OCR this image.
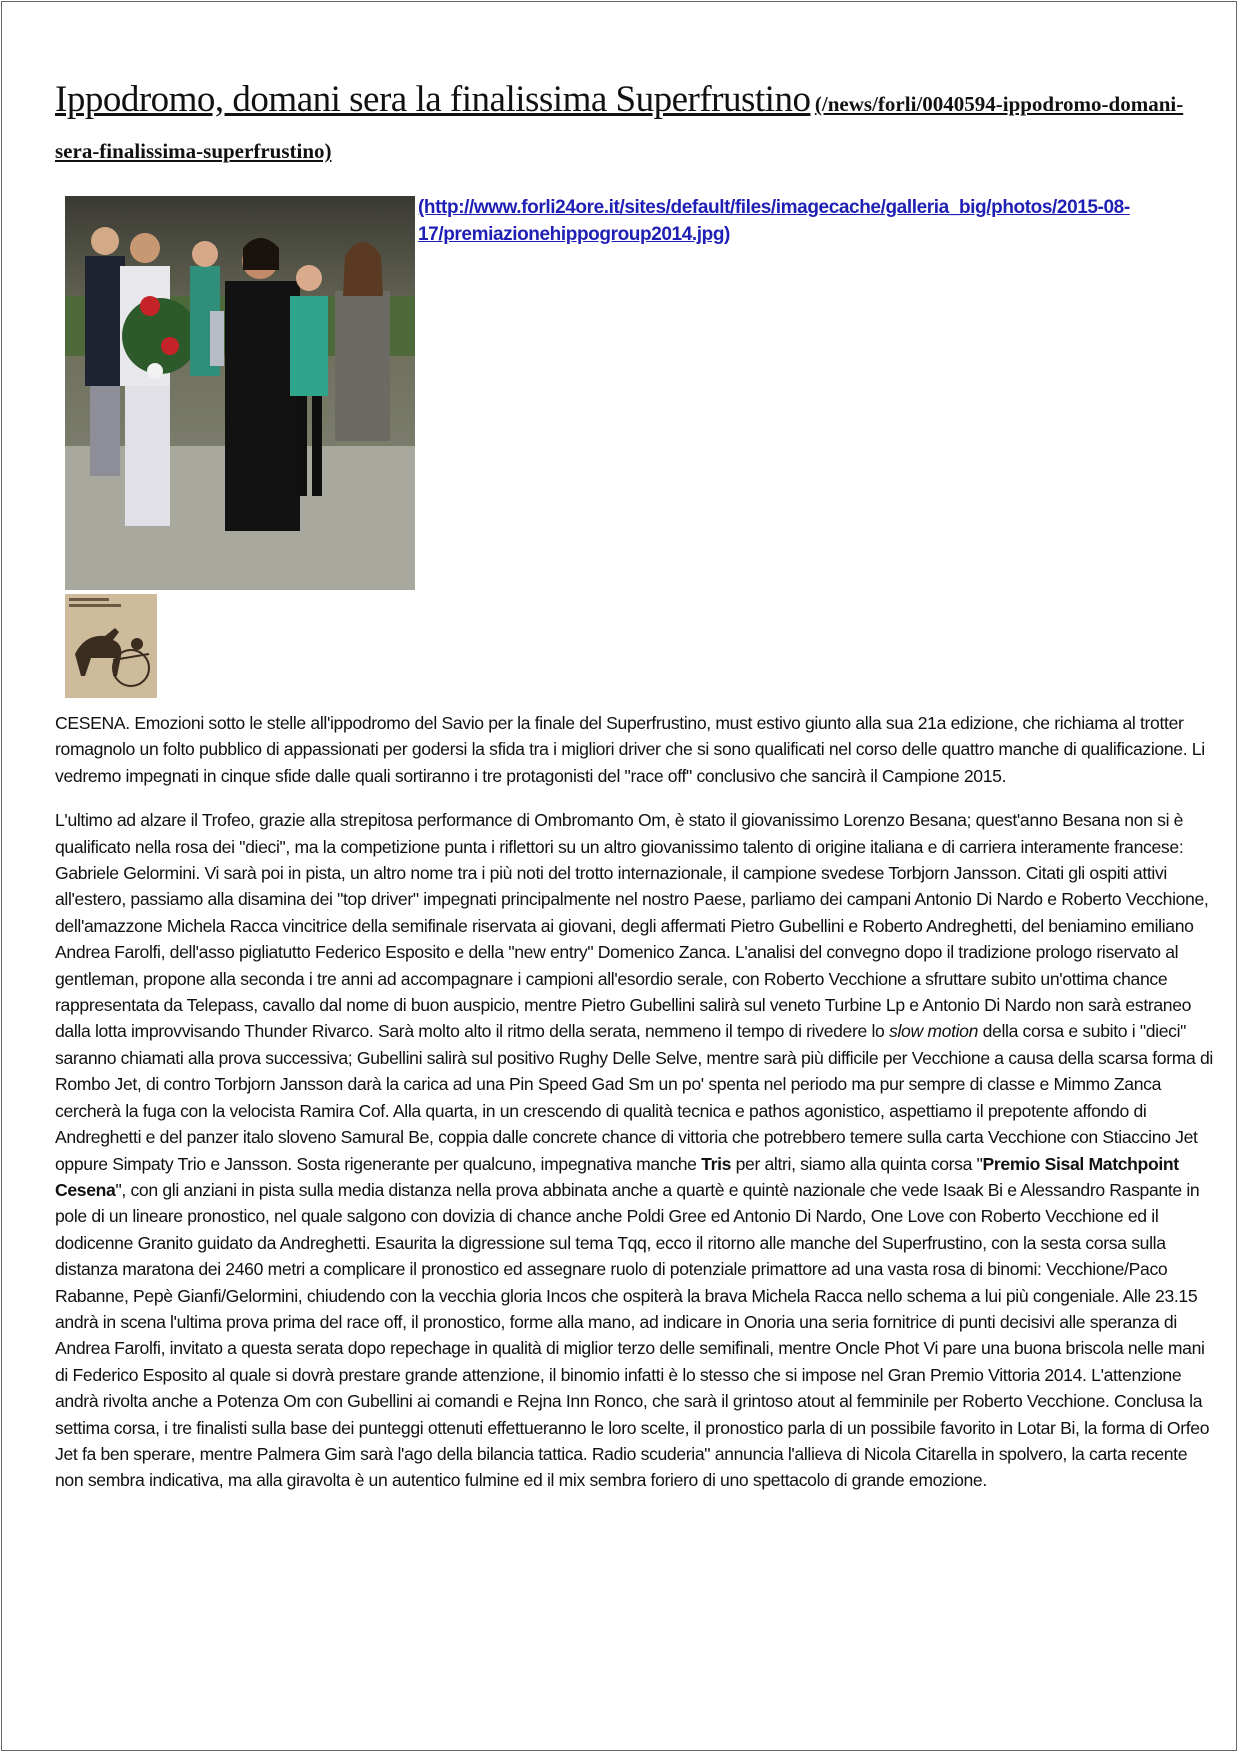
Ippodromo, domani sera la finalissima Superfrustino (/news/forli/0040594-ippodromo-domani-sera-finalissima-superfrustino)
(http://www.forli24ore.it/sites/default/files/imagecache/galleria_big/photos/2015-08-17/premiazionehippogroup2014.jpg)

CESENA. Emozioni sotto le stelle all'ippodromo del Savio per la finale del Superfrustino, must estivo giunto alla sua 21a edizione, che richiama al trotter romagnolo un folto pubblico di appassionati per godersi la sfida tra i migliori driver che si sono qualificati nel corso delle quattro manche di qualificazione. Li vedremo impegnati in cinque sfide dalle quali sortiranno i tre protagonisti del "race off" conclusivo che sancirà il Campione 2015.

L'ultimo ad alzare il Trofeo, grazie alla strepitosa performance di Ombromanto Om, è stato il giovanissimo Lorenzo Besana; quest'anno Besana non si è qualificato nella rosa dei "dieci", ma la competizione punta i riflettori su un altro giovanissimo talento di origine italiana e di carriera interamente francese: Gabriele Gelormini. Vi sarà poi in pista, un altro nome tra i più noti del trotto internazionale, il campione svedese Torbjorn Jansson. Citati gli ospiti attivi all'estero, passiamo alla disamina dei "top driver" impegnati principalmente nel nostro Paese, parliamo dei campani Antonio Di Nardo e Roberto Vecchione, dell'amazzone Michela Racca vincitrice della semifinale riservata ai giovani, degli affermati Pietro Gubellini e Roberto Andreghetti, del beniamino emiliano Andrea Farolfi, dell'asso pigliatutto Federico Esposito e della "new entry" Domenico Zanca. L'analisi del convegno dopo il tradizione prologo riservato al gentleman, propone alla seconda i tre anni ad accompagnare i campioni all'esordio serale, con Roberto Vecchione a sfruttare subito un'ottima chance rappresentata da Telepass, cavallo dal nome di buon auspicio, mentre Pietro Gubellini salirà sul veneto Turbine Lp e Antonio Di Nardo non sarà estraneo dalla lotta improvvisando Thunder Rivarco. Sarà molto alto il ritmo della serata, nemmeno il tempo di rivedere lo slow motion della corsa e subito i "dieci" saranno chiamati alla prova successiva; Gubellini salirà sul positivo Rughy Delle Selve, mentre sarà più difficile per Vecchione a causa della scarsa forma di Rombo Jet, di contro Torbjorn Jansson darà la carica ad una Pin Speed Gad Sm un po' spenta nel periodo ma pur sempre di classe e Mimmo Zanca cercherà la fuga con la velocista Ramira Cof. Alla quarta, in un crescendo di qualità tecnica e pathos agonistico, aspettiamo il prepotente affondo di Andreghetti e del panzer italo sloveno Samural Be, coppia dalle concrete chance di vittoria che potrebbero temere sulla carta Vecchione con Stiaccino Jet oppure Simpaty Trio e Jansson. Sosta rigenerante per qualcuno, impegnativa manche Tris per altri, siamo alla quinta corsa "Premio Sisal Matchpoint Cesena", con gli anziani in pista sulla media distanza nella prova abbinata anche a quartè e quintè nazionale che vede Isaak Bi e Alessandro Raspante in pole di un lineare pronostico, nel quale salgono con dovizia di chance anche Poldi Gree ed Antonio Di Nardo, One Love con Roberto Vecchione ed il dodicenne Granito guidato da Andreghetti. Esaurita la digressione sul tema Tqq, ecco il ritorno alle manche del Superfrustino, con la sesta corsa sulla distanza maratona dei 2460 metri a complicare il pronostico ed assegnare ruolo di potenziale primattore ad una vasta rosa di binomi: Vecchione/Paco Rabanne, Pepè Gianfi/Gelormini, chiudendo con la vecchia gloria Incos che ospiterà la brava Michela Racca nello schema a lui più congeniale. Alle 23.15 andrà in scena l'ultima prova prima del race off, il pronostico, forme alla mano, ad indicare in Onoria una seria fornitrice di punti decisivi alle speranza di Andrea Farolfi, invitato a questa serata dopo repechage in qualità di miglior terzo delle semifinali, mentre Oncle Phot Vi pare una buona briscola nelle mani di Federico Esposito al quale si dovrà prestare grande attenzione, il binomio infatti è lo stesso che si impose nel Gran Premio Vittoria 2014. L'attenzione andrà rivolta anche a Potenza Om con Gubellini ai comandi e Rejna Inn Ronco, che sarà il grintoso atout al femminile per Roberto Vecchione. Conclusa la settima corsa, i tre finalisti sulla base dei punteggi ottenuti effettueranno le loro scelte, il pronostico parla di un possibile favorito in Lotar Bi, la forma di Orfeo Jet fa ben sperare, mentre Palmera Gim sarà l'ago della bilancia tattica. Radio scuderia" annuncia l'allieva di Nicola Citarella in spolvero, la carta recente non sembra indicativa, ma alla giravolta è un autentico fulmine ed il mix sembra foriero di uno spettacolo di grande emozione.
